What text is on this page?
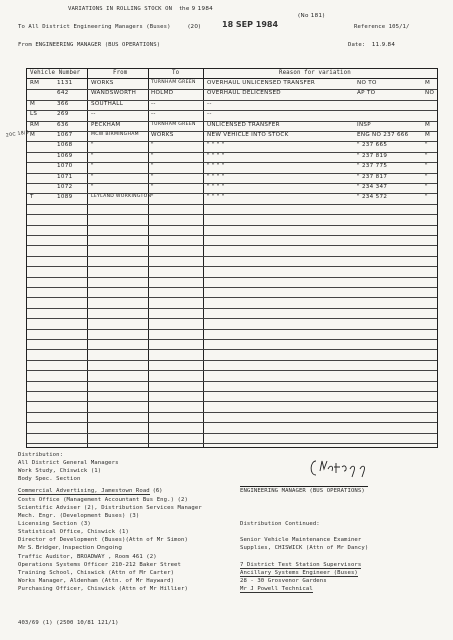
VARIATIONS IN ROLLING STOCK ON the 9 1984
(No 181)
To All District Engineering Managers (Buses)	(20)	18 SEP 1984	Reference 105/1/
From ENGINEERING MANAGER (BUS OPERATIONS)	Date: 11.9.84
20C 18/9
Vehicle Number	From	To	Reason for variation
RM	1131	WORKS	TURNHAM GREEN OVERHAUL UNLICENSED TRANSFER	NO TO	M
642	WANDSWORTH	HOLMD	OVERHAUL DELICENSED	AP TO	NO
M	366	SOUTHALL	--	--
LS	269	--	--	--
RM	636	PECKHAM	TURNHAM GREEN UNLICENSED TRANSFER	INSP	M
M	1067	MCW BIRMINGHAM WORKS	NEW VEHICLE INTO STOCK	ENG NO 237 666	M
1068	"	"	" " " "	" 237 665	"
1069	"	"	" " " "	" 237 819	"
1070	"	"	" " " "	" 237 775	"
1071	"	"	" " " "	" 237 817	"
1072	"	"	" " " "	" 234 347	"
T	1089	LEYLAND WORKINGTON "	" " " "	" 234 572	"
Distribution:
All District General Managers
Work Study, Chiswick (1)
Body Spec. Section
Commercial Advertising, Jamestown Road (6)
Costs Office (Management Accountant Bus Eng.) (2)
Scientific Adviser (2), Distribution Services Manager
Mech. Engr. (Development Buses) (3)
Licensing Section (3)
Statistical Office, Chiswick (1)
Director of Development (Buses)(Attn of Mr Simon)
Mr S. Bridger, Inspection Ongoing
Traffic Auditor, BROADWAY , Room 461 (2)
Operations Systems Officer 210-212 Baker Street
Training School, Chiswick (Attn of Mr Carter)
Works Manager, Aldenham (Attn. of Mr Hayward)
Purchasing Officer, Chiswick (Attn of Mr Hillier)
403/69 (1) (2500 10/81 121/1)
ENGINEERING MANAGER (BUS OPERATIONS)
Distribution Continued:
Senior Vehicle Maintenance Examiner
Supplies, CHISWICK (Attn of Mr Dancy)
7 District Test Station Supervisors
Ancillary Systems Engineer (Buses)
28 - 30 Grosvenor Gardens
Mr J Powell Technical
